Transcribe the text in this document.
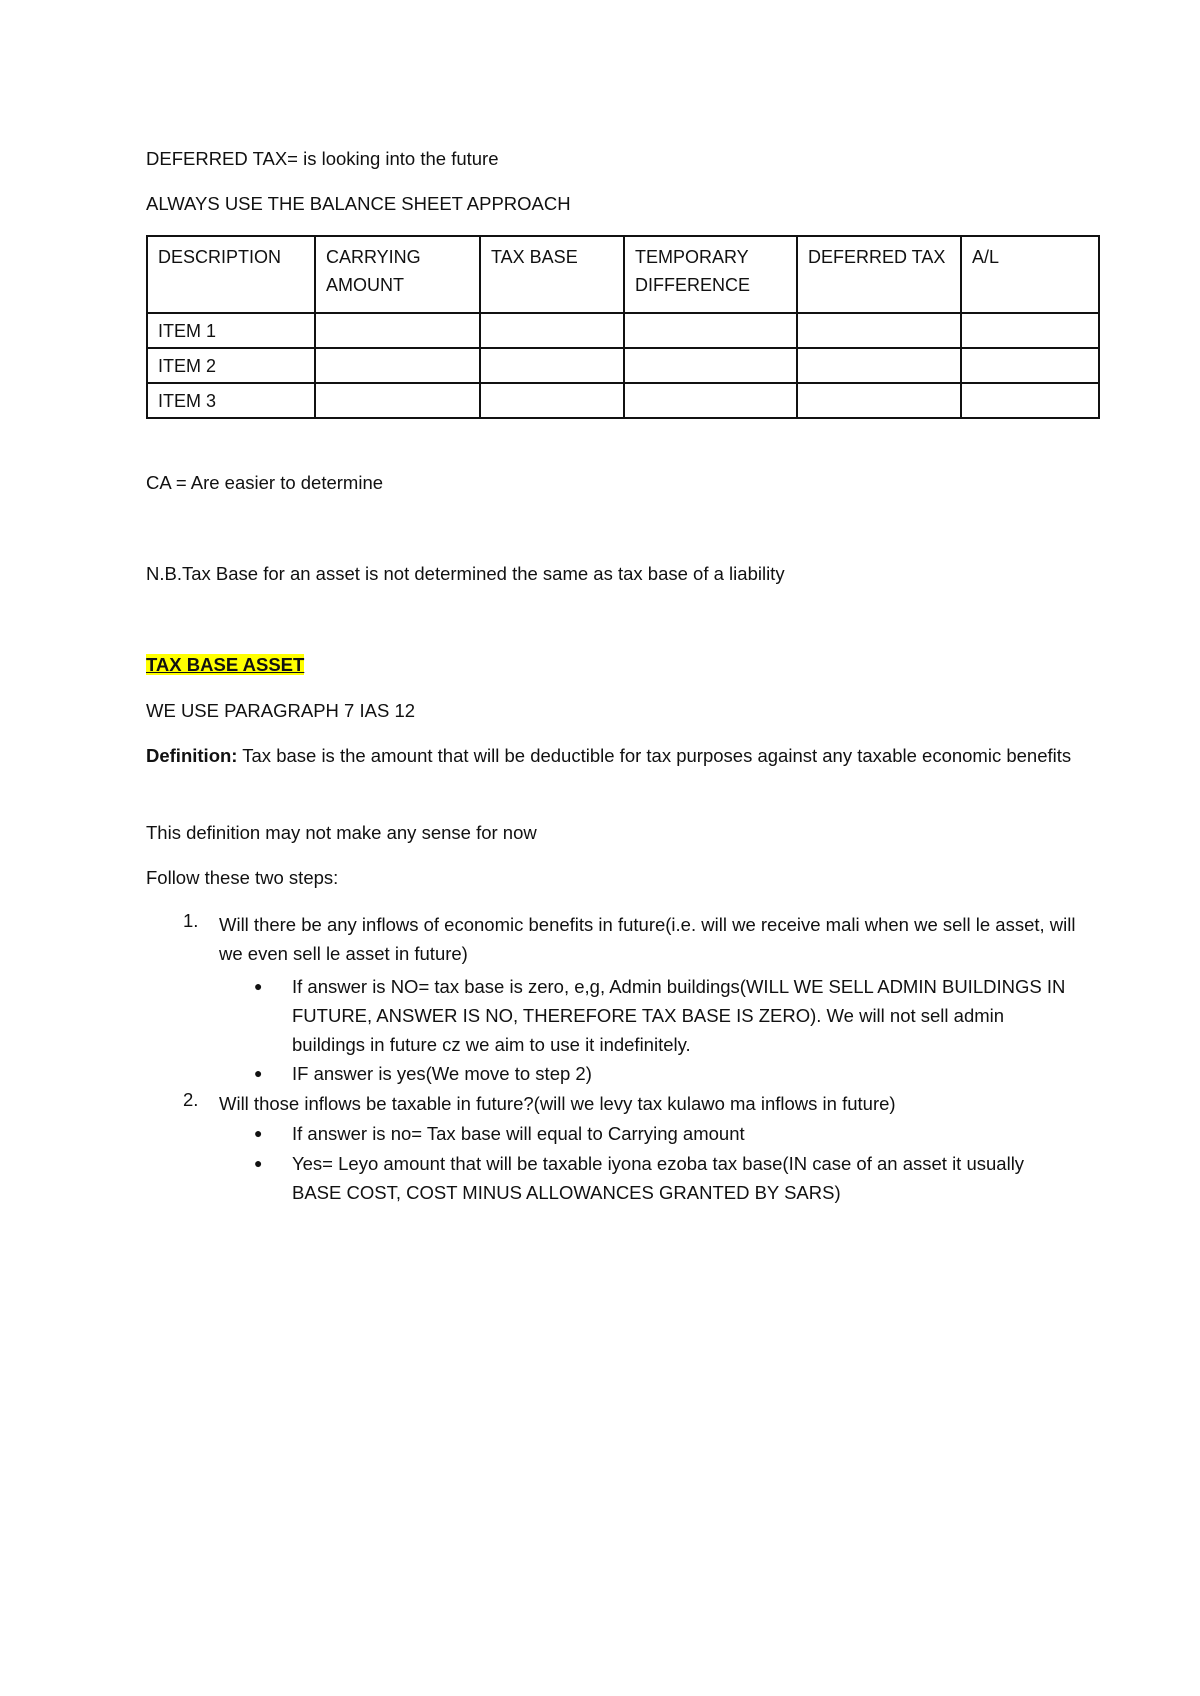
DEFERRED TAX= is looking into the future
ALWAYS USE THE BALANCE SHEET APPROACH
DESCRIPTION	CARRYING AMOUNT	TAX BASE	TEMPORARY DIFFERENCE	DEFERRED TAX	A/L
ITEM 1					
ITEM 2					
ITEM 3					
CA = Are easier to determine
N.B.Tax Base for an asset is not determined the same as tax base of a liability
TAX BASE ASSET
WE USE PARAGRAPH 7 IAS 12
Definition: Tax base is the amount that will be deductible for tax purposes against any taxable economic benefits
This definition may not make any sense for now
Follow these two steps:
1.	Will there be any inflows of economic benefits in future(i.e. will we receive mali when we sell le asset, will we even sell le asset in future)
● If answer is NO= tax base is zero, e,g, Admin buildings(WILL WE SELL ADMIN BUILDINGS IN FUTURE, ANSWER IS NO, THEREFORE TAX BASE IS ZERO). We will not sell admin buildings in future cz we aim to use it indefinitely.
● IF answer is yes(We move to step 2)
2.	Will those inflows be taxable in future?(will we levy tax kulawo ma inflows in future)
● If answer is no= Tax base will equal to Carrying amount
● Yes= Leyo amount that will be taxable iyona ezoba tax base(IN case of an asset it usually BASE COST, COST MINUS ALLOWANCES GRANTED BY SARS)
